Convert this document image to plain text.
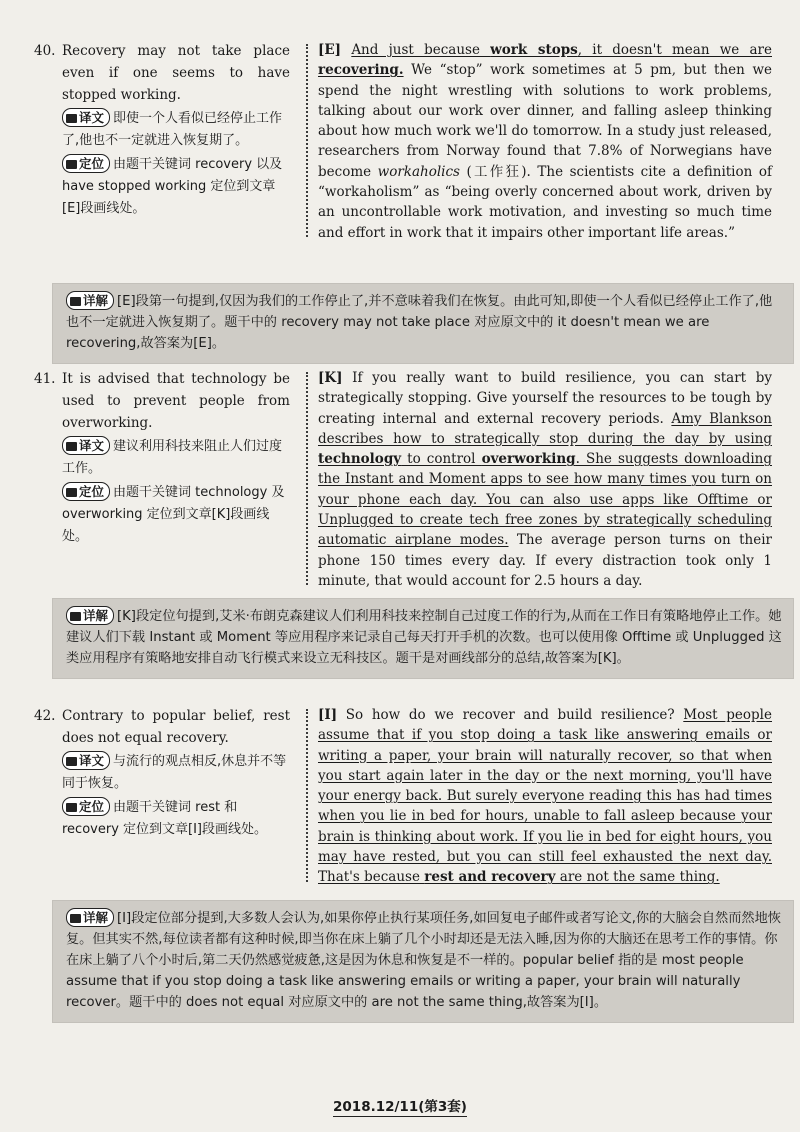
40. Recovery may not take place even if one seems to have stopped working.
译文 即使一个人看似已经停止工作了,他也不一定就进入恢复期了。
定位 由题干关键词 recovery 以及 have stopped working 定位到文章[E]段画线处。
[E] And just because work stops, it doesn't mean we are recovering. We “stop” work sometimes at 5 pm, but then we spend the night wrestling with solutions to work problems, talking about our work over dinner, and falling asleep thinking about how much work we'll do tomorrow. In a study just released, researchers from Norway found that 7.8% of Norwegians have become workaholics (工作狂). The scientists cite a definition of “workaholism” as “being overly concerned about work, driven by an uncontrollable work motivation, and investing so much time and effort in work that it impairs other important life areas.”
详解 [E]段第一句提到,仅因为我们的工作停止了,并不意味着我们在恢复。由此可知,即使一个人看似已经停止工作了,他也不一定就进入恢复期了。题干中的 recovery may not take place 对应原文中的 it doesn't mean we are recovering,故答案为[E]。
41. It is advised that technology be used to prevent people from overworking.
译文 建议利用科技来阻止人们过度工作。
定位 由题干关键词 technology 及 overworking 定位到文章[K]段画线处。
[K] If you really want to build resilience, you can start by strategically stopping. Give yourself the resources to be tough by creating internal and external recovery periods. Amy Blankson describes how to strategically stop during the day by using technology to control overworking. She suggests downloading the Instant and Moment apps to see how many times you turn on your phone each day. You can also use apps like Offtime or Unplugged to create tech free zones by strategically scheduling automatic airplane modes. The average person turns on their phone 150 times every day. If every distraction took only 1 minute, that would account for 2.5 hours a day.
详解 [K]段定位句提到,艾米·布朗克森建议人们利用科技来控制自己过度工作的行为,从而在工作日有策略地停止工作。她建议人们下载 Instant 或 Moment 等应用程序来记录自己每天打开手机的次数。也可以使用像 Offtime 或 Unplugged 这类应用程序有策略地安排自动飞行模式来设立无科技区。题干是对画线部分的总结,故答案为[K]。
42. Contrary to popular belief, rest does not equal recovery.
译文 与流行的观点相反,休息并不等同于恢复。
定位 由题干关键词 rest 和 recovery 定位到文章[I]段画线处。
[I] So how do we recover and build resilience? Most people assume that if you stop doing a task like answering emails or writing a paper, your brain will naturally recover, so that when you start again later in the day or the next morning, you'll have your energy back. But surely everyone reading this has had times when you lie in bed for hours, unable to fall asleep because your brain is thinking about work. If you lie in bed for eight hours, you may have rested, but you can still feel exhausted the next day. That's because rest and recovery are not the same thing.
详解 [I]段定位部分提到,大多数人会认为,如果你停止执行某项任务,如回复电子邮件或者写论文,你的大脑会自然而然地恢复。但其实不然,每位读者都有这种时候,即当你在床上躺了几个小时却还是无法入睡,因为你的大脑还在思考工作的事情。你在床上躺了八个小时后,第二天仍然感觉疲惫,这是因为休息和恢复是不一样的。popular belief 指的是 most people assume that if you stop doing a task like answering emails or writing a paper, your brain will naturally recover。题干中的 does not equal 对应原文中的 are not the same thing,故答案为[I]。
2018.12/11(第3套)
